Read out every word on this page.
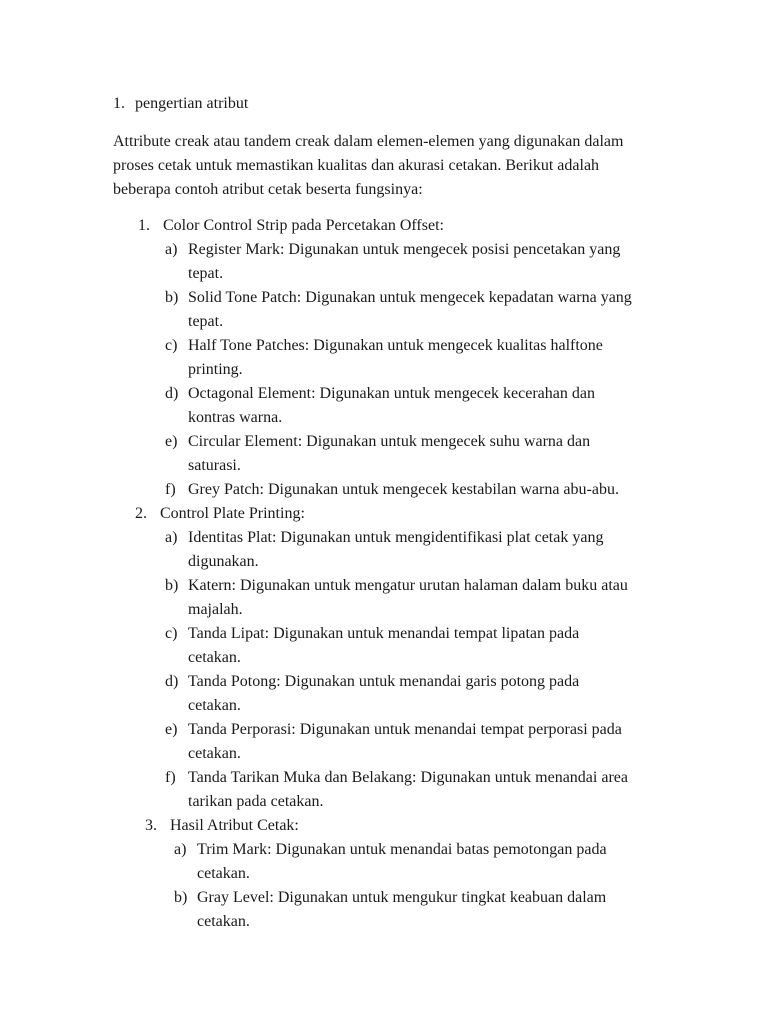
1. pengertian atribut
Attribute creak atau tandem creak dalam elemen-elemen yang digunakan dalam
proses cetak untuk memastikan kualitas dan akurasi cetakan. Berikut adalah
beberapa contoh atribut cetak beserta fungsinya:
1. Color Control Strip pada Percetakan Offset:
a) Register Mark: Digunakan untuk mengecek posisi pencetakan yang
tepat.
b) Solid Tone Patch: Digunakan untuk mengecek kepadatan warna yang
tepat.
c) Half Tone Patches: Digunakan untuk mengecek kualitas halftone
printing.
d) Octagonal Element: Digunakan untuk mengecek kecerahan dan
kontras warna.
e) Circular Element: Digunakan untuk mengecek suhu warna dan
saturasi.
f) Grey Patch: Digunakan untuk mengecek kestabilan warna abu-abu.
2. Control Plate Printing:
a) Identitas Plat: Digunakan untuk mengidentifikasi plat cetak yang
digunakan.
b) Katern: Digunakan untuk mengatur urutan halaman dalam buku atau
majalah.
c) Tanda Lipat: Digunakan untuk menandai tempat lipatan pada
cetakan.
d) Tanda Potong: Digunakan untuk menandai garis potong pada
cetakan.
e) Tanda Perporasi: Digunakan untuk menandai tempat perporasi pada
cetakan.
f) Tanda Tarikan Muka dan Belakang: Digunakan untuk menandai area
tarikan pada cetakan.
3. Hasil Atribut Cetak:
a) Trim Mark: Digunakan untuk menandai batas pemotongan pada
cetakan.
b) Gray Level: Digunakan untuk mengukur tingkat keabuan dalam
cetakan.
